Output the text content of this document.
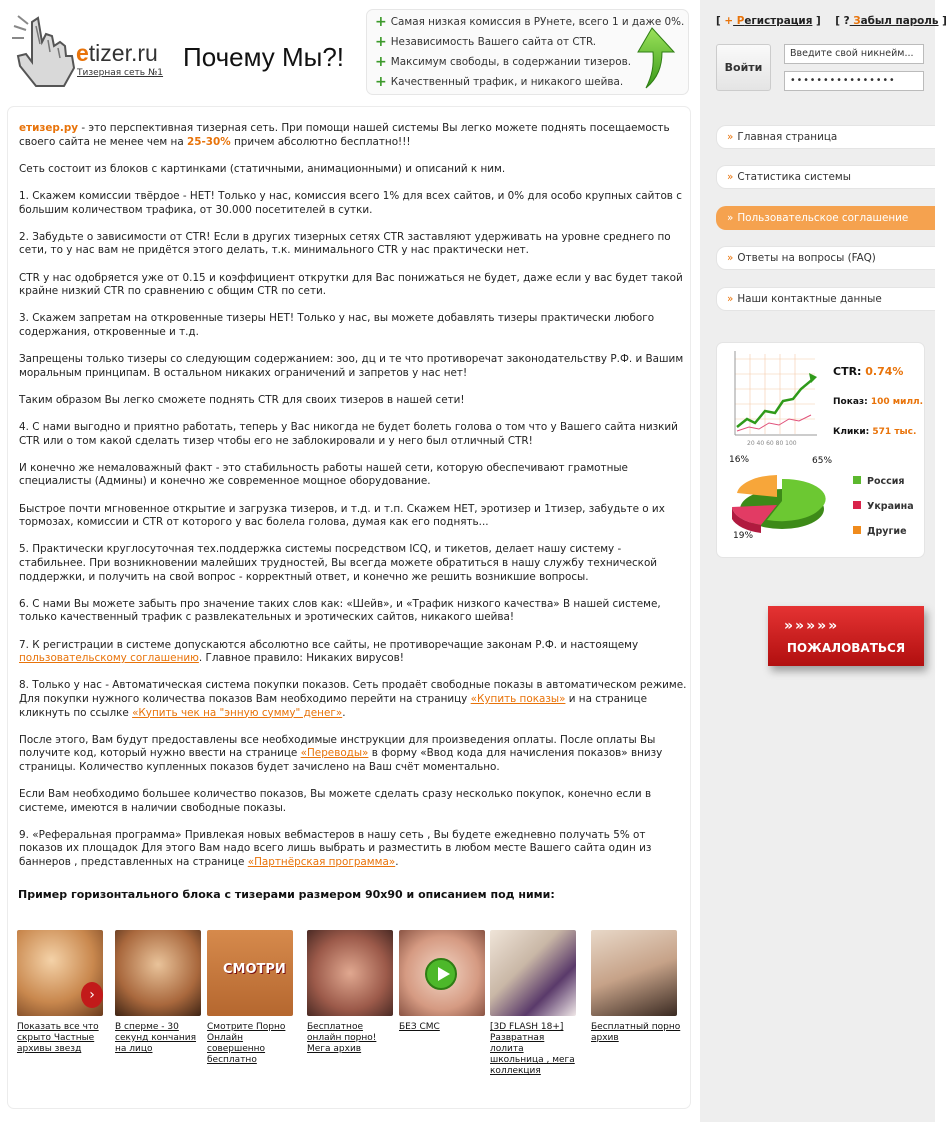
etizer.ru
Тизерная сеть №1
Почему Мы?!
+ Самая низкая комиссия в РУнете, всего 1 и даже 0%.
+ Независимость Вашего сайта от CTR.
+ Максимум свободы, в содержании тизеров.
+ Качественный трафик, и никакого шейва.
[ + Регистрация ] [ ? Забыл пароль ]
Войти
Введите свой никнейм...
••••••••••••••••
» Главная страница
» Статистика системы
» Пользовательское соглашение
» Ответы на вопросы (FAQ)
» Наши контактные данные
20 40 60 80 100
CTR: 0.74%
Показ: 100 милл.
Клики: 571 тыс.
16%	65%
19%
Россия
Украина
Другие
»»»»»
ПОЖАЛОВАТЬСЯ

eтизер.ру - это перспективная тизерная сеть. При помощи нашей системы Вы легко можете поднять посещаемость своего сайта не менее чем на 25-30% причем абсолютно бесплатно!!!

Сеть состоит из блоков с картинками (статичными, анимационными) и описаний к ним.

1. Скажем комиссии твёрдое - НЕТ! Только у нас, комиссия всего 1% для всех сайтов, и 0% для особо крупных сайтов с большим количеством трафика, от 30.000 посетителей в сутки.

2. Забудьте о зависимости от CTR! Если в других тизерных сетях CTR заставляют удерживать на уровне среднего по сети, то у нас вам не придётся этого делать, т.к. минимального CTR у нас практически нет.

CTR у нас одобряется уже от 0.15 и коэффициент открутки для Вас понижаться не будет, даже если у вас будет такой крайне низкий CTR по сравнению с общим CTR по сети.

3. Скажем запретам на откровенные тизеры НЕТ! Только у нас, вы можете добавлять тизеры практически любого содержания, откровенные и т.д.

Запрещены только тизеры со следующим содержанием: зоо, дц и те что противоречат законодательству Р.Ф. и Вашим моральным принципам. В остальном никаких ограничений и запретов у нас нет!

Таким образом Вы легко сможете поднять CTR для своих тизеров в нашей сети!

4. С нами выгодно и приятно работать, теперь у Вас никогда не будет болеть голова о том что у Вашего сайта низкий CTR или о том какой сделать тизер чтобы его не заблокировали и у него был отличный CTR!

И конечно же немаловажный факт - это стабильность работы нашей сети, которую обеспечивают грамотные специалисты (Админы) и конечно же современное мощное оборудование.

Быстрое почти мгновенное открытие и загрузка тизеров, и т.д. и т.п. Скажем НЕТ, эротизер и 1тизер, забудьте о их тормозах, комиссии и CTR от которого у вас болела голова, думая как его поднять...

5. Практически круглосуточная тех.поддержка системы посредством ICQ, и тикетов, делает нашу систему - стабильнее. При возникновении малейших трудностей, Вы всегда можете обратиться в нашу службу технической поддержки, и получить на свой вопрос - корректный ответ, и конечно же решить возникшие вопросы.

6. С нами Вы можете забыть про значение таких слов как: «Шейв», и «Трафик низкого качества» В нашей системе, только качественный трафик с развлекательных и эротических сайтов, никакого шейва!

7. К регистрации в системе допускаются абсолютно все сайты, не противоречащие законам Р.Ф. и настоящему пользовательскому соглашению. Главное правило: Никаких вирусов!

8. Только у нас - Автоматическая система покупки показов. Сеть продаёт свободные показы в автоматическом режиме. Для покупки нужного количества показов Вам необходимо перейти на страницу «Купить показы» и на странице кликнуть по ссылке «Купить чек на "энную сумму" денег».

После этого, Вам будут предоставлены все необходимые инструкции для произведения оплаты. После оплаты Вы получите код, который нужно ввести на странице «Переводы» в форму «Ввод кода для начисления показов» внизу страницы. Количество купленных показов будет зачислено на Ваш счёт моментально.

Если Вам необходимо большее количество показов, Вы можете сделать сразу несколько покупок, конечно если в системе, имеются в наличии свободные показы.

9. «Реферальная программа» Привлекая новых вебмастеров в нашу сеть , Вы будете ежедневно получать 5% от показов их площадок Для этого Вам надо всего лишь выбрать и разместить в любом месте Вашего сайта один из баннеров , представленных на странице «Партнёрская программа».

Пример горизонтального блока с тизерами размером 90x90 и описанием под ними:
›
Показать все что скрыто Частные архивы звезд
В сперме - 30 секунд кончания на лицо
СМОТРИ
Смотрите Порно Онлайн совершенно бесплатно
Бесплатное онлайн порно! Мега архив
БЕЗ СМС	[3D FLASH 18+] Развратная лолита школьница , мега коллекция
Бесплатный порно архив
